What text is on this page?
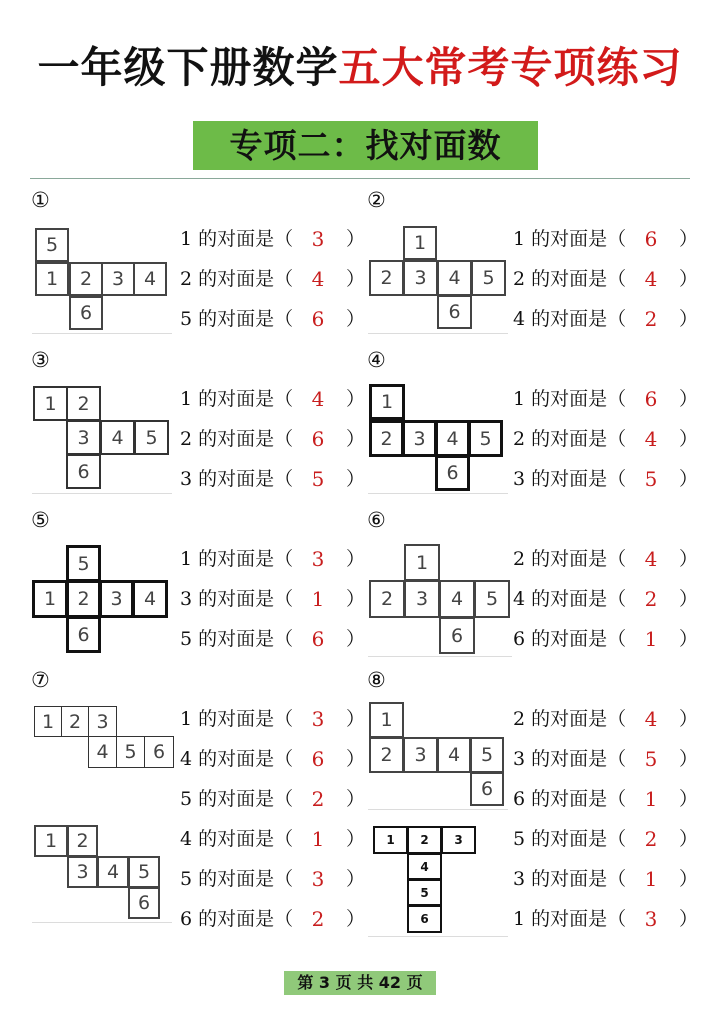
一年级下册数学五大常考专项练习
专项二：找对面数
①	②
③	④
⑤	⑥
⑦	⑧
5
1	2	3	4
6
1
2	3	4	5
6
1	2
3	4	5
6
1
2	3	4	5
6
5
1	2	3	4
6
1
2	3	4	5
6
1 2 3
4 5 6
1
2	3	4	5
6
1	2
3 4 5
6
1	2	3
4
5
6
1 的对面是（ 3	）
2 的对面是（ 4	）
5 的对面是（ 6	）
1 的对面是（ 6	）
2 的对面是（ 4	）
4 的对面是（ 2	）
1 的对面是（ 4	）
2 的对面是（ 6	）
3 的对面是（ 5	）
1 的对面是（ 6	）
2 的对面是（ 4	）
3 的对面是（ 5	）
1 的对面是（ 3	）
3 的对面是（ 1	）
5 的对面是（ 6	）
2 的对面是（ 4	）
4 的对面是（ 2	）
6 的对面是（ 1	）
1 的对面是（ 3	）
4 的对面是（ 6	）
5 的对面是（ 2	）
2 的对面是（ 4	）
3 的对面是（ 5	）
6 的对面是（ 1	）
4 的对面是（ 1	）
5 的对面是（ 3	）
6 的对面是（ 2	）
5 的对面是（ 2	）
3 的对面是（ 1	）
1 的对面是（ 3	）
第 3 页 共 42 页
